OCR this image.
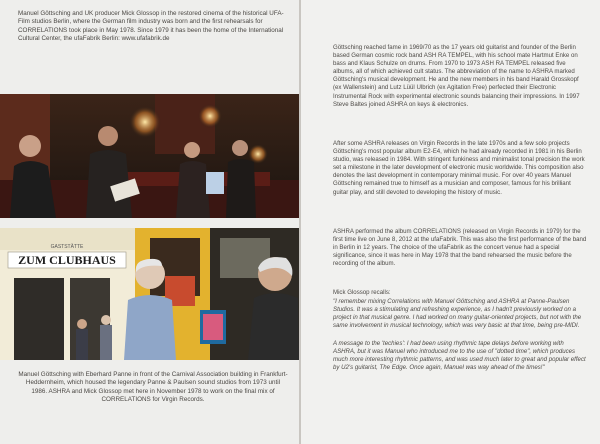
Manuel Göttsching and UK producer Mick Glossop in the restored cinema of the historical UFA-Film studios Berlin, where the German film industry was born and the first rehearsals for CORRELATIONS took place in May 1978. Since 1979 it has been the home of the International Cultural Center, the ufaFabrik Berlin: www.ufafabrik.de

ZUM CLUBHAUS
GASTSTÄTTE

Manuel Göttsching with Eberhard Panne in front of the Carnival Association building in Frankfurt-Heddernheim, which housed the legendary Panne & Paulsen sound studios from 1973 until 1986. ASHRA and Mick Glossop met here in November 1978 to work on the final mix of CORRELATIONS for Virgin Records.

Göttsching reached fame in 1969/70 as the 17 years old guitarist and founder of the Berlin based German cosmic rock band ASH RA TEMPEL, with his school mate Hartmut Enke on bass and Klaus Schulze on drums. From 1970 to 1973 ASH RA TEMPEL released five albums, all of which achieved cult status. The abbreviation of the name to ASHRA marked Göttsching's musical development. He and the new members in his band Harald Grosskopf (ex Wallenstein) and Lutz Lüül Ulbrich (ex Agitation Free) perfected their Electronic Instrumental Rock with experimental electronic sounds balancing their impressions. In 1997 Steve Baltes joined ASHRA on keys & electronics.

After some ASHRA releases on Virgin Records in the late 1970s and a few solo projects Göttsching's most popular album E2-E4, which he had already recorded in 1981 in his Berlin studio, was released in 1984. With stringent funkiness and minimalist tonal precision the work set a milestone in the later development of electronic music worldwide. This composition also denotes the last development in contemporary minimal music. For over 40 years Manuel Göttsching remained true to himself as a musician and composer, famous for his brilliant guitar play, and still devoted to developing the history of music.

ASHRA performed the album CORRELATIONS (released on Virgin Records in 1979) for the first time live on June 8, 2012 at the ufaFabrik. This was also the first performance of the band in Berlin in 12 years. The choice of the ufaFabrik as the concert venue had a special significance, since it was here in May 1978 that the band rehearsed the music before the recording of the album.

Mick Glossop recalls:

"I remember mixing Correlations with Manuel Göttsching and ASHRA at Panne-Paulsen Studios. It was a stimulating and refreshing experience, as I hadn't previously worked on a project in that musical genre. I had worked on many guitar-oriented projects, but not with the same involvement in musical technology, which was very basic at that time, being pre-MIDI.

A message to the 'techies': I had been using rhythmic tape delays before working with ASHRA, but it was Manuel who introduced me to the use of "dotted time", which produces much more interesting rhythmic patterns, and was used much later to great and popular effect by U2's guitarist, The Edge. Once again, Manuel was way ahead of the times!"
